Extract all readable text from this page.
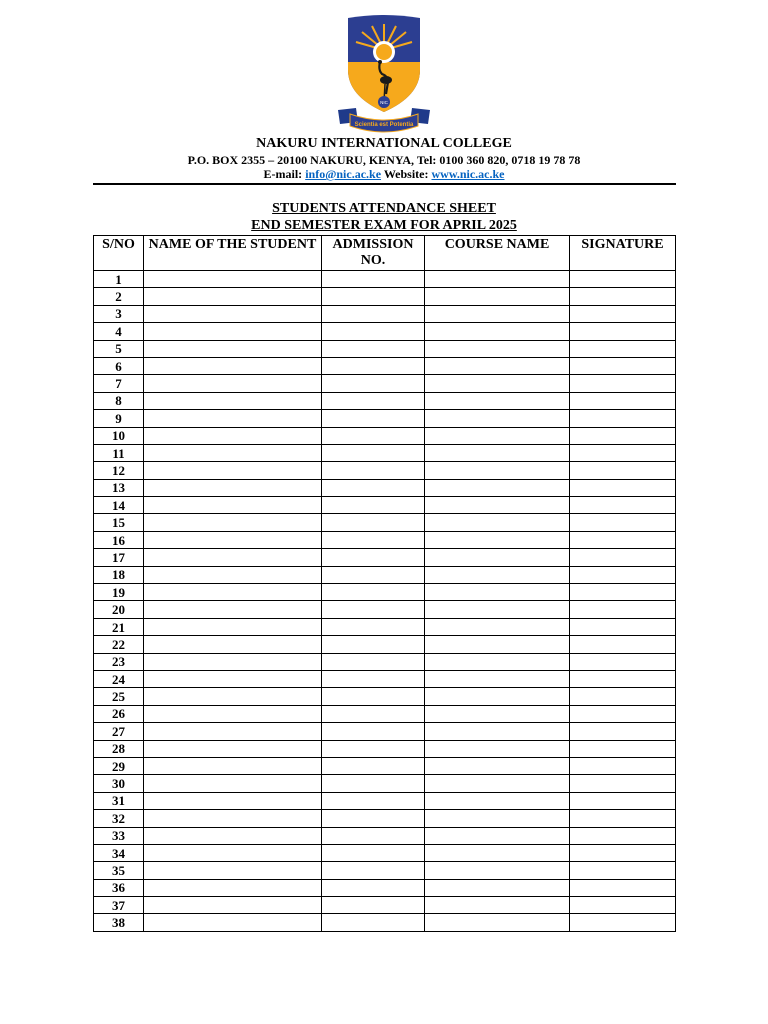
NIC
Scientia est Potentia
NAKURU INTERNATIONAL COLLEGE
P.O. BOX 2355 – 20100 NAKURU, KENYA, Tel: 0100 360 820, 0718 19 78 78
E-mail: info@nic.ac.ke Website: www.nic.ac.ke
STUDENTS ATTENDANCE SHEET
END SEMESTER EXAM FOR APRIL 2025
S/NO	NAME OF THE STUDENT	ADMISSION NO.	COURSE NAME	SIGNATURE
1				
2				
3				
4				
5				
6				
7				
8				
9				
10				
11				
12				
13				
14				
15				
16				
17				
18				
19				
20				
21				
22				
23				
24				
25				
26				
27				
28				
29				
30				
31				
32				
33				
34				
35				
36				
37				
38				
